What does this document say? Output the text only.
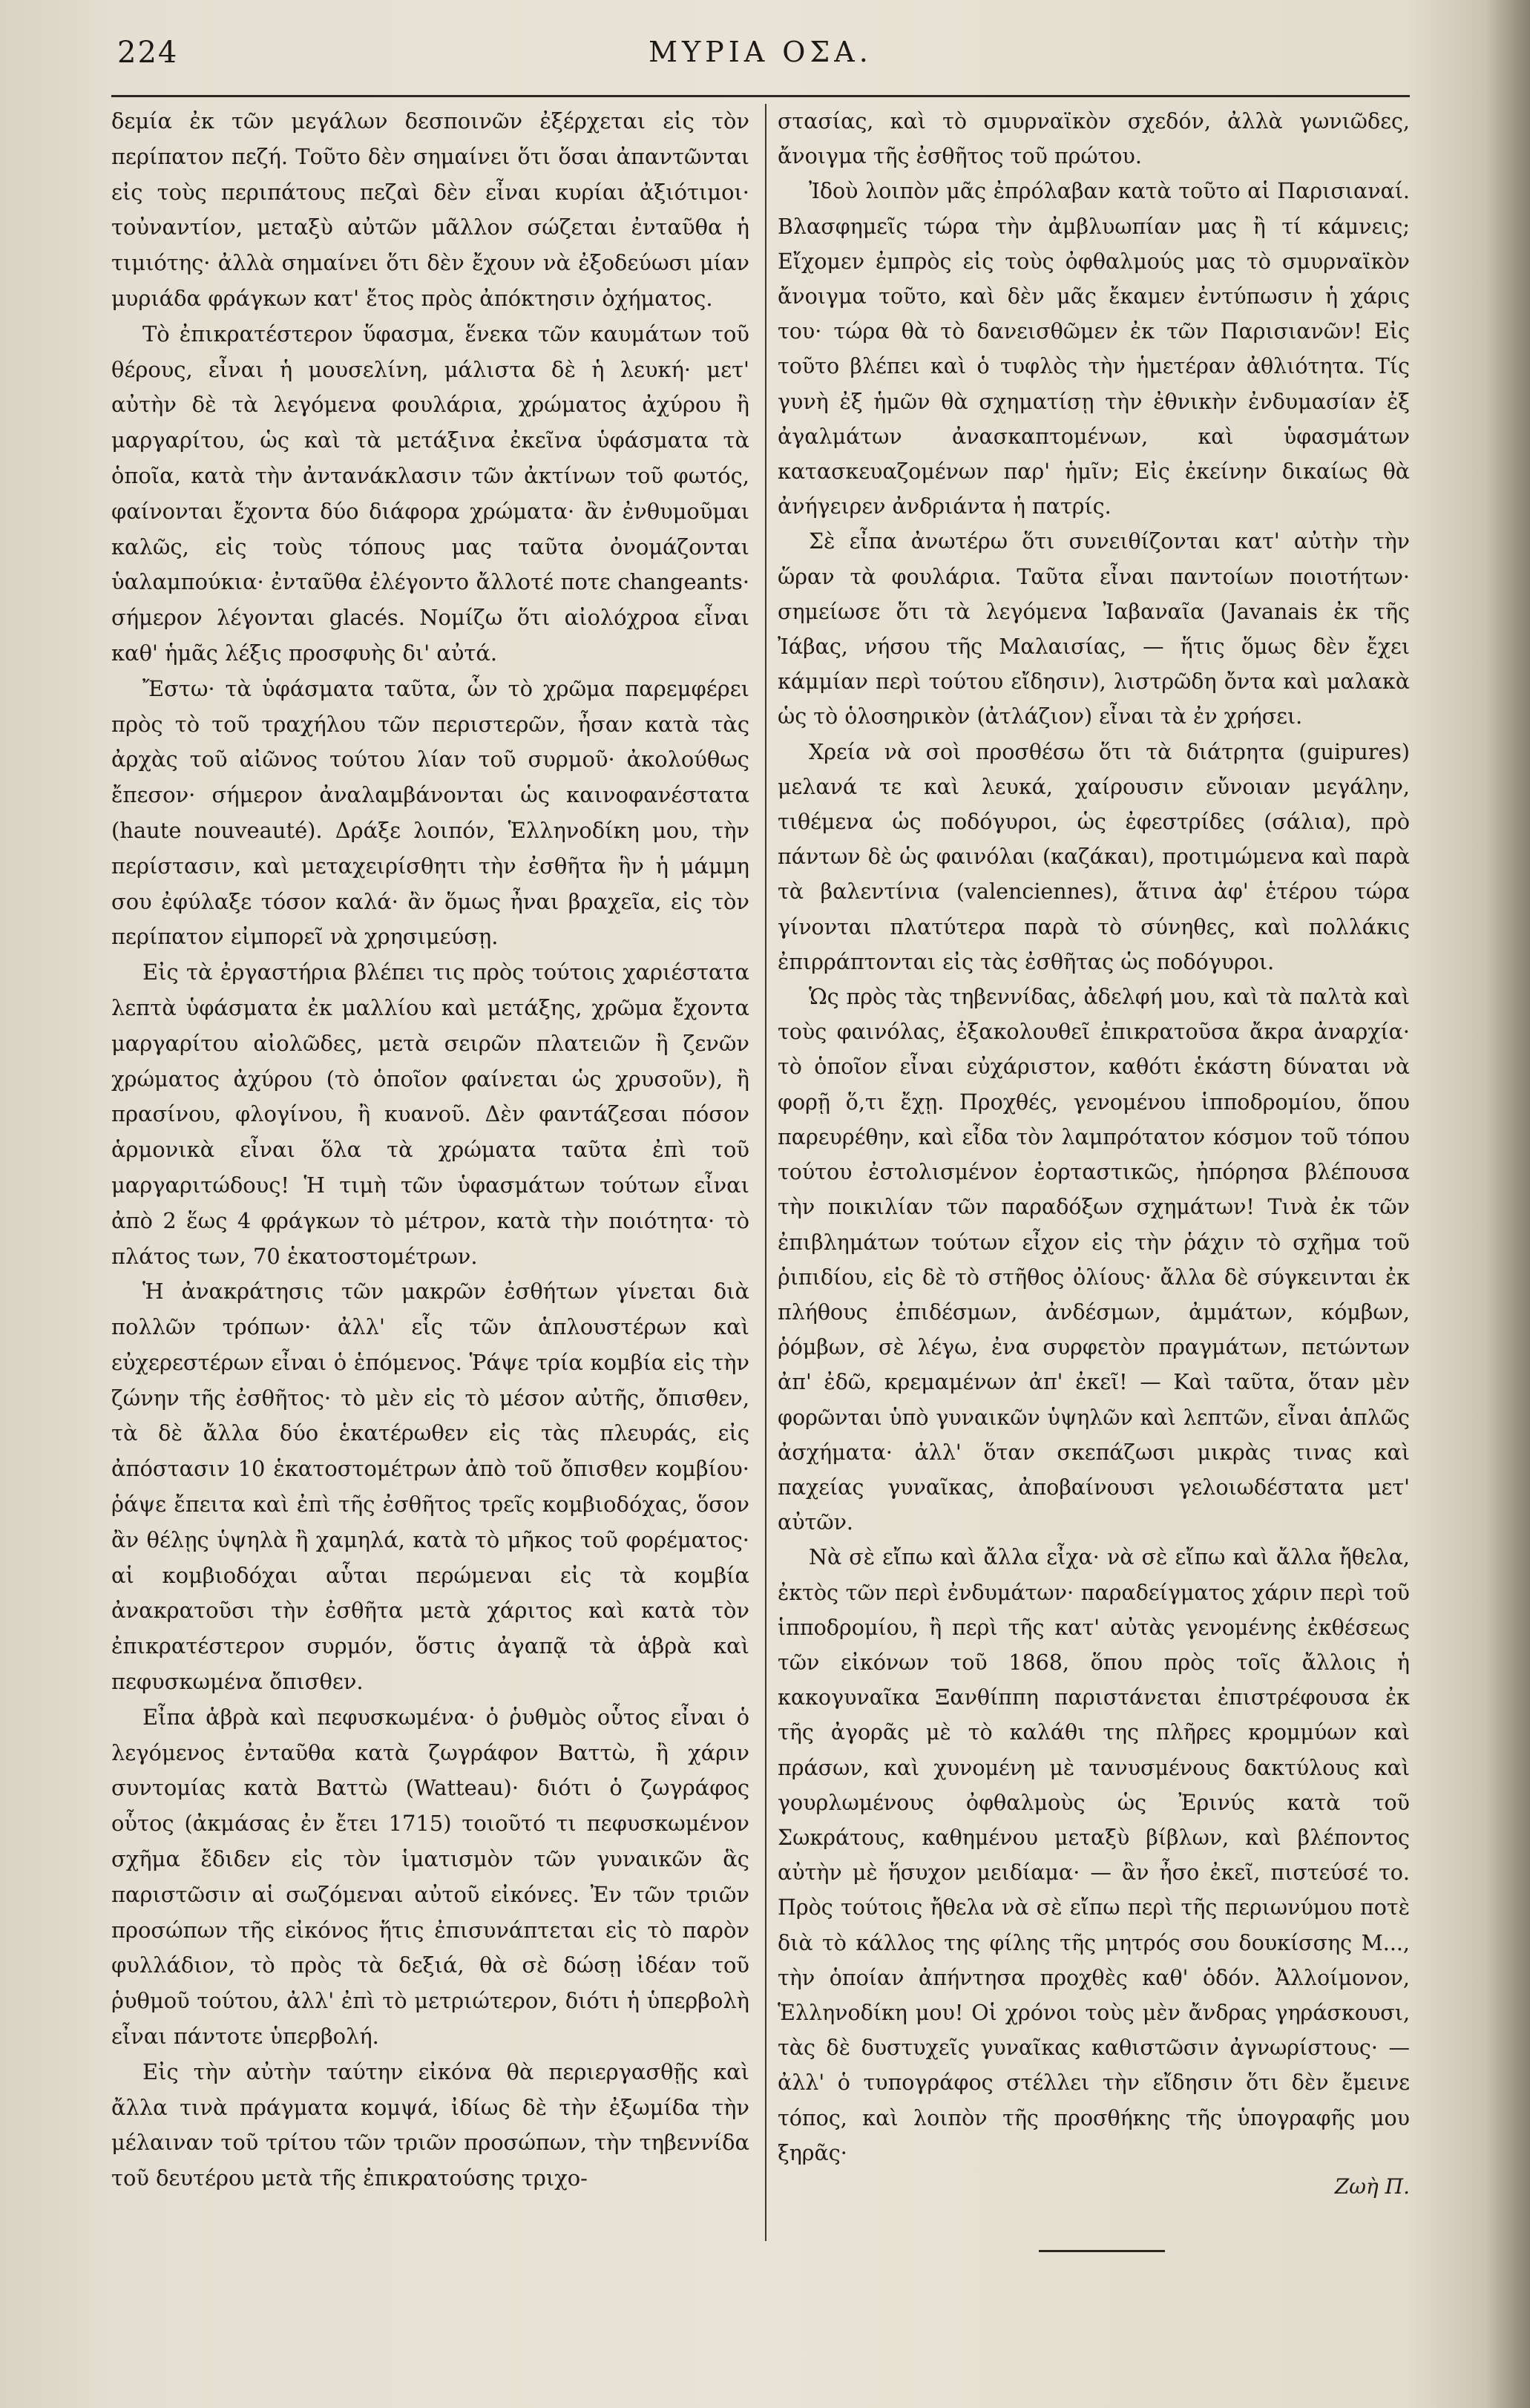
224	ΜΥΡΙΑ ΟΣΑ.

δεμία ἐκ τῶν μεγάλων δεσποινῶν ἐξέρχεται εἰς τὸν περίπατον πεζή. Τοῦτο δὲν σημαίνει ὅτι ὅσαι ἀπαντῶνται εἰς τοὺς περιπάτους πεζαὶ δὲν εἶναι κυρίαι ἀξιότιμοι· τοὐναντίον, μεταξὺ αὐτῶν μᾶλλον σώζεται ἐνταῦθα ἡ τιμιότης· ἀλλὰ σημαίνει ὅτι δὲν ἔχουν νὰ ἐξοδεύωσι μίαν μυριάδα φράγκων κατ' ἔτος πρὸς ἀπόκτησιν ὀχήματος.

Τὸ ἐπικρατέστερον ὕφασμα, ἕνεκα τῶν καυμάτων τοῦ θέρους, εἶναι ἡ μουσελίνη, μάλιστα δὲ ἡ λευκή· μετ' αὐτὴν δὲ τὰ λεγόμενα φουλάρια, χρώματος ἀχύρου ἢ μαργαρίτου, ὡς καὶ τὰ μετάξινα ἐκεῖνα ὑφάσματα τὰ ὁποῖα, κατὰ τὴν ἀντανάκλασιν τῶν ἀκτίνων τοῦ φωτός, φαίνονται ἔχοντα δύο διάφορα χρώματα· ἂν ἐνθυμοῦμαι καλῶς, εἰς τοὺς τόπους μας ταῦτα ὀνομάζονται ὑαλαμπούκια· ἐνταῦθα ἐλέγοντο ἄλλοτέ ποτε changeants· σήμερον λέγονται glacés. Νομίζω ὅτι αἰολόχροα εἶναι καθ' ἡμᾶς λέξις προσφυὴς δι' αὐτά.

Ἔστω· τὰ ὑφάσματα ταῦτα, ὧν τὸ χρῶμα παρεμφέρει πρὸς τὸ τοῦ τραχήλου τῶν περιστερῶν, ἦσαν κατὰ τὰς ἀρχὰς τοῦ αἰῶνος τούτου λίαν τοῦ συρμοῦ· ἀκολούθως ἔπεσον· σήμερον ἀναλαμβάνονται ὡς καινοφανέστατα (haute nouveauté). Δράξε λοιπόν, Ἑλληνοδίκη μου, τὴν περίστασιν, καὶ μεταχειρίσθητι τὴν ἐσθῆτα ἣν ἡ μάμμη σου ἐφύλαξε τόσον καλά· ἂν ὅμως ἦναι βραχεῖα, εἰς τὸν περίπατον εἰμπορεῖ νὰ χρησιμεύσῃ.

Εἰς τὰ ἐργαστήρια βλέπει τις πρὸς τούτοις χαριέστατα λεπτὰ ὑφάσματα ἐκ μαλλίου καὶ μετάξης, χρῶμα ἔχοντα μαργαρίτου αἰολῶδες, μετὰ σειρῶν πλατειῶν ἢ ζενῶν χρώματος ἀχύρου (τὸ ὁποῖον φαίνεται ὡς χρυσοῦν), ἢ πρασίνου, φλογίνου, ἢ κυανοῦ. Δὲν φαντάζεσαι πόσον ἁρμονικὰ εἶναι ὅλα τὰ χρώματα ταῦτα ἐπὶ τοῦ μαργαριτώδους! Ἡ τιμὴ τῶν ὑφασμάτων τούτων εἶναι ἀπὸ 2 ἕως 4 φράγκων τὸ μέτρον, κατὰ τὴν ποιότητα· τὸ πλάτος των, 70 ἑκατοστομέτρων.

Ἡ ἀνακράτησις τῶν μακρῶν ἐσθήτων γίνεται διὰ πολλῶν τρόπων· ἀλλ' εἷς τῶν ἁπλουστέρων καὶ εὐχερεστέρων εἶναι ὁ ἑπόμενος. Ῥάψε τρία κομβία εἰς τὴν ζώνην τῆς ἐσθῆτος· τὸ μὲν εἰς τὸ μέσον αὐτῆς, ὄπισθεν, τὰ δὲ ἄλλα δύο ἑκατέρωθεν εἰς τὰς πλευράς, εἰς ἀπόστασιν 10 ἑκατοστομέτρων ἀπὸ τοῦ ὄπισθεν κομβίου· ῥάψε ἔπειτα καὶ ἐπὶ τῆς ἐσθῆτος τρεῖς κομβιοδόχας, ὅσον ἂν θέλῃς ὑψηλὰ ἢ χαμηλά, κατὰ τὸ μῆκος τοῦ φορέματος· αἱ κομβιοδόχαι αὗται περώμεναι εἰς τὰ κομβία ἀνακρατοῦσι τὴν ἐσθῆτα μετὰ χάριτος καὶ κατὰ τὸν ἐπικρατέστερον συρμόν, ὅστις ἀγαπᾷ τὰ ἁβρὰ καὶ πεφυσκωμένα ὄπισθεν.

Εἶπα ἁβρὰ καὶ πεφυσκωμένα· ὁ ῥυθμὸς οὗτος εἶναι ὁ λεγόμενος ἐνταῦθα κατὰ ζωγράφον Βαττὼ, ἢ χάριν συντομίας κατὰ Βαττὼ (Watteau)· διότι ὁ ζωγράφος οὗτος (ἀκμάσας ἐν ἔτει 1715) τοιοῦτό τι πεφυσκωμένον σχῆμα ἔδιδεν εἰς τὸν ἱματισμὸν τῶν γυναικῶν ἃς παριστῶσιν αἱ σωζόμεναι αὐτοῦ εἰκόνες. Ἐν τῶν τριῶν προσώπων τῆς εἰκόνος ἥτις ἐπισυνάπτεται εἰς τὸ παρὸν φυλλάδιον, τὸ πρὸς τὰ δεξιά, θὰ σὲ δώσῃ ἰδέαν τοῦ ῥυθμοῦ τούτου, ἀλλ' ἐπὶ τὸ μετριώτερον, διότι ἡ ὑπερβολὴ εἶναι πάντοτε ὑπερβολή.

Εἰς τὴν αὐτὴν ταύτην εἰκόνα θὰ περιεργασθῇς καὶ ἄλλα τινὰ πράγματα κομψά, ἰδίως δὲ τὴν ἐξωμίδα τὴν μέλαιναν τοῦ τρίτου τῶν τριῶν προσώπων, τὴν τηβεννίδα τοῦ δευτέρου μετὰ τῆς ἐπικρατούσης τριχο-

στασίας, καὶ τὸ σμυρναϊκὸν σχεδόν, ἀλλὰ γωνιῶδες, ἄνοιγμα τῆς ἐσθῆτος τοῦ πρώτου.

Ἰδοὺ λοιπὸν μᾶς ἐπρόλαβαν κατὰ τοῦτο αἱ Παρισιαναί. Βλασφημεῖς τώρα τὴν ἀμβλυωπίαν μας ἢ τί κάμνεις; Εἴχομεν ἐμπρὸς εἰς τοὺς ὀφθαλμούς μας τὸ σμυρναϊκὸν ἄνοιγμα τοῦτο, καὶ δὲν μᾶς ἔκαμεν ἐντύπωσιν ἡ χάρις του· τώρα θὰ τὸ δανεισθῶμεν ἐκ τῶν Παρισιανῶν! Εἰς τοῦτο βλέπει καὶ ὁ τυφλὸς τὴν ἡμετέραν ἀθλιότητα. Τίς γυνὴ ἐξ ἡμῶν θὰ σχηματίσῃ τὴν ἐθνικὴν ἐνδυμασίαν ἐξ ἀγαλμάτων ἀνασκαπτομένων, καὶ ὑφασμάτων κατασκευαζομένων παρ' ἡμῖν; Εἰς ἐκείνην δικαίως θὰ ἀνήγειρεν ἀνδριάντα ἡ πατρίς.

Σὲ εἶπα ἀνωτέρω ὅτι συνειθίζονται κατ' αὐτὴν τὴν ὥραν τὰ φουλάρια. Ταῦτα εἶναι παντοίων ποιοτήτων· σημείωσε ὅτι τὰ λεγόμενα Ἰαβαναῖα (Javanais ἐκ τῆς Ἰάβας, νήσου τῆς Μαλαισίας, — ἥτις ὅμως δὲν ἔχει κάμμίαν περὶ τούτου εἴδησιν), λιστρῶδη ὄντα καὶ μαλακὰ ὡς τὸ ὁλοσηρικὸν (ἀτλάζιον) εἶναι τὰ ἐν χρήσει.

Χρεία νὰ σοὶ προσθέσω ὅτι τὰ διάτρητα (guipures) μελανά τε καὶ λευκά, χαίρουσιν εὔνοιαν μεγάλην, τιθέμενα ὡς ποδόγυροι, ὡς ἐφεστρίδες (σάλια), πρὸ πάντων δὲ ὡς φαινόλαι (καζάκαι), προτιμώμενα καὶ παρὰ τὰ βαλεντίνια (valenciennes), ἅτινα ἀφ' ἑτέρου τώρα γίνονται πλατύτερα παρὰ τὸ σύνηθες, καὶ πολλάκις ἐπιρράπτονται εἰς τὰς ἐσθῆτας ὡς ποδόγυροι.

Ὡς πρὸς τὰς τηβεννίδας, ἀδελφή μου, καὶ τὰ παλτὰ καὶ τοὺς φαινόλας, ἐξακολουθεῖ ἐπικρατοῦσα ἄκρα ἀναρχία· τὸ ὁποῖον εἶναι εὐχάριστον, καθότι ἑκάστη δύναται νὰ φορῇ ὅ,τι ἔχῃ. Προχθές, γενομένου ἱπποδρομίου, ὅπου παρευρέθην, καὶ εἶδα τὸν λαμπρότατον κόσμον τοῦ τόπου τούτου ἐστολισμένον ἐορταστικῶς, ἠπόρησα βλέπουσα τὴν ποικιλίαν τῶν παραδόξων σχημάτων! Τινὰ ἐκ τῶν ἐπιβλημάτων τούτων εἶχον εἰς τὴν ῥάχιν τὸ σχῆμα τοῦ ῥιπιδίου, εἰς δὲ τὸ στῆθος ὀλίους· ἄλλα δὲ σύγκεινται ἐκ πλήθους ἐπιδέσμων, ἀνδέσμων, ἀμμάτων, κόμβων, ῥόμβων, σὲ λέγω, ἐνα συρφετὸν πραγμάτων, πετώντων ἀπ' ἐδῶ, κρεμαμένων ἀπ' ἐκεῖ! — Καὶ ταῦτα, ὅταν μὲν φορῶνται ὑπὸ γυναικῶν ὑψηλῶν καὶ λεπτῶν, εἶναι ἁπλῶς ἀσχήματα· ἀλλ' ὅταν σκεπάζωσι μικρὰς τινας καὶ παχείας γυναῖκας, ἀποβαίνουσι γελοιωδέστατα μετ' αὐτῶν.

Νὰ σὲ εἴπω καὶ ἄλλα εἶχα· νὰ σὲ εἴπω καὶ ἄλλα ἤθελα, ἐκτὸς τῶν περὶ ἐνδυμάτων· παραδείγματος χάριν περὶ τοῦ ἱπποδρομίου, ἢ περὶ τῆς κατ' αὐτὰς γενομένης ἐκθέσεως τῶν εἰκόνων τοῦ 1868, ὅπου πρὸς τοῖς ἄλλοις ἡ κακογυναῖκα Ξανθίππη παριστάνεται ἐπιστρέφουσα ἐκ τῆς ἀγορᾶς μὲ τὸ καλάθι της πλῆρες κρομμύων καὶ πράσων, καὶ χυνομένη μὲ τανυσμένους δακτύλους καὶ γουρλωμένους ὀφθαλμοὺς ὡς Ἐρινύς κατὰ τοῦ Σωκράτους, καθημένου μεταξὺ βίβλων, καὶ βλέποντος αὐτὴν μὲ ἥσυχον μειδίαμα· — ἂν ἦσο ἐκεῖ, πιστεύσέ το. Πρὸς τούτοις ἤθελα νὰ σὲ εἴπω περὶ τῆς περιωνύμου ποτὲ διὰ τὸ κάλλος της φίλης τῆς μητρός σου δουκίσσης Μ..., τὴν ὁποίαν ἀπήντησα προχθὲς καθ' ὁδόν. Ἀλλοίμονον, Ἑλληνοδίκη μου! Οἱ χρόνοι τοὺς μὲν ἄνδρας γηράσκουσι, τὰς δὲ δυστυχεῖς γυναῖκας καθιστῶσιν ἀγνωρίστους· — ἀλλ' ὁ τυπογράφος στέλλει τὴν εἴδησιν ὅτι δὲν ἔμεινε τόπος, καὶ λοιπὸν τῆς προσθήκης τῆς ὑπογραφῆς μου ξηρᾶς·

Ζωὴ Π.
